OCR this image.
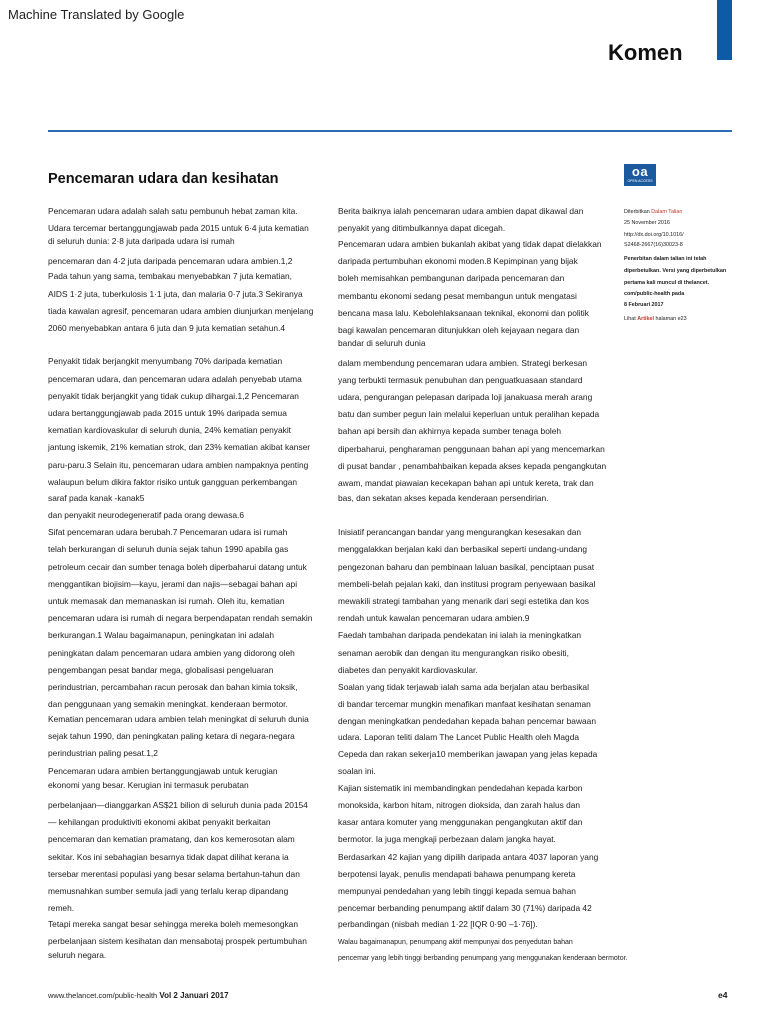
Machine Translated by Google
Komen
Pencemaran udara dan kesihatan	oa
OPEN ACCESS

Pencemaran udara adalah salah satu pembunuh hebat zaman kita.

Udara tercemar bertanggungjawab pada 2015 untuk 6·4 juta kematian

di seluruh dunia: 2·8 juta daripada udara isi rumah

pencemaran dan 4·2 juta daripada pencemaran udara ambien.1,2

Pada tahun yang sama, tembakau menyebabkan 7 juta kematian,

AIDS 1·2 juta, tuberkulosis 1·1 juta, dan malaria 0·7 juta.3 Sekiranya

tiada kawalan agresif, pencemaran udara ambien diunjurkan menjelang

2060 menyebabkan antara 6 juta dan 9 juta kematian setahun.4

Penyakit tidak berjangkit menyumbang 70% daripada kematian

pencemaran udara, dan pencemaran udara adalah penyebab utama

penyakit tidak berjangkit yang tidak cukup dihargai.1,2 Pencemaran

udara bertanggungjawab pada 2015 untuk 19% daripada semua

kematian kardiovaskular di seluruh dunia, 24% kematian penyakit

jantung iskemik, 21% kematian strok, dan 23% kematian akibat kanser

paru-paru.3 Selain itu, pencemaran udara ambien nampaknya penting

walaupun belum dikira faktor risiko untuk gangguan perkembangan

saraf pada kanak -kanak5

dan penyakit neurodegeneratif pada orang dewasa.6

Sifat pencemaran udara berubah.7 Pencemaran udara isi rumah

telah berkurangan di seluruh dunia sejak tahun 1990 apabila gas

petroleum cecair dan sumber tenaga boleh diperbaharui datang untuk

menggantikan biojisim—kayu, jerami dan najis—sebagai bahan api

untuk memasak dan memanaskan isi rumah. Oleh itu, kematian

pencemaran udara isi rumah di negara berpendapatan rendah semakin

berkurangan.1 Walau bagaimanapun, peningkatan ini adalah

peningkatan dalam pencemaran udara ambien yang didorong oleh

pengembangan pesat bandar mega, globalisasi pengeluaran

perindustrian, percambahan racun perosak dan bahan kimia toksik,

dan penggunaan yang semakin meningkat. kenderaan bermotor.

Kematian pencemaran udara ambien telah meningkat di seluruh dunia

sejak tahun 1990, dan peningkatan paling ketara di negara-negara

perindustrian paling pesat.1,2

Pencemaran udara ambien bertanggungjawab untuk kerugian

ekonomi yang besar. Kerugian ini termasuk perubatan

perbelanjaan—dianggarkan AS$21 bilion di seluruh dunia pada 20154

— kehilangan produktiviti ekonomi akibat penyakit berkaitan

pencemaran dan kematian pramatang, dan kos kemerosotan alam

sekitar. Kos ini sebahagian besarnya tidak dapat dilihat kerana ia

tersebar merentasi populasi yang besar selama bertahun-tahun dan

memusnahkan sumber semula jadi yang terlalu kerap dipandang

remeh.

Tetapi mereka sangat besar sehingga mereka boleh memesongkan

perbelanjaan sistem kesihatan dan mensabotaj prospek pertumbuhan

seluruh negara.

Berita baiknya ialah pencemaran udara ambien dapat dikawal dan

penyakit yang ditimbulkannya dapat dicegah.

Pencemaran udara ambien bukanlah akibat yang tidak dapat dielakkan

daripada pertumbuhan ekonomi moden.8 Kepimpinan yang bijak

boleh memisahkan pembangunan daripada pencemaran dan

membantu ekonomi sedang pesat membangun untuk mengatasi

bencana masa lalu. Kebolehlaksanaan teknikal, ekonomi dan politik

bagi kawalan pencemaran ditunjukkan oleh kejayaan negara dan

bandar di seluruh dunia

dalam membendung pencemaran udara ambien. Strategi berkesan

yang terbukti termasuk penubuhan dan penguatkuasaan standard

udara, pengurangan pelepasan daripada loji janakuasa merah arang

batu dan sumber pegun lain melalui keperluan untuk peralihan kepada

bahan api bersih dan akhirnya kepada sumber tenaga boleh

diperbaharui, pengharaman penggunaan bahan api yang mencemarkan

di pusat bandar , penambahbaikan kepada akses kepada pengangkutan

awam, mandat piawaian kecekapan bahan api untuk kereta, trak dan

bas, dan sekatan akses kepada kenderaan persendirian.

Inisiatif perancangan bandar yang mengurangkan kesesakan dan

menggalakkan berjalan kaki dan berbasikal seperti undang-undang

pengezonan baharu dan pembinaan laluan basikal, penciptaan pusat

membeli-belah pejalan kaki, dan institusi program penyewaan basikal

mewakili strategi tambahan yang menarik dari segi estetika dan kos

rendah untuk kawalan pencemaran udara ambien.9

Faedah tambahan daripada pendekatan ini ialah ia meningkatkan

senaman aerobik dan dengan itu mengurangkan risiko obesiti,

diabetes dan penyakit kardiovaskular.

Soalan yang tidak terjawab ialah sama ada berjalan atau berbasikal

di bandar tercemar mungkin menafikan manfaat kesihatan senaman

dengan meningkatkan pendedahan kepada bahan pencemar bawaan

udara. Laporan teliti dalam The Lancet Public Health oleh Magda

Cepeda dan rakan sekerja10 memberikan jawapan yang jelas kepada

soalan ini.

Kajian sistematik ini membandingkan pendedahan kepada karbon

monoksida, karbon hitam, nitrogen dioksida, dan zarah halus dan

kasar antara komuter yang menggunakan pengangkutan aktif dan

bermotor. Ia juga mengkaji perbezaan dalam jangka hayat.

Berdasarkan 42 kajian yang dipilih daripada antara 4037 laporan yang

berpotensi layak, penulis mendapati bahawa penumpang kereta

mempunyai pendedahan yang lebih tinggi kepada semua bahan

pencemar berbanding penumpang aktif dalam 30 (71%) daripada 42

perbandingan (nisbah median 1·22 [IQR 0·90 –1·76]).

Walau bagaimanapun, penumpang aktif mempunyai dos penyedutan bahan

pencemar yang lebih tinggi berbanding penumpang yang menggunakan kenderaan bermotor.

Diterbitkan Dalam Talian

25 November 2016

http://dx.doi.org/10.1016/

S2468-2667(16)30023-8

Penerbitan dalam talian ini telah

diperbetulkan. Versi yang diperbetulkan

pertama kali muncul di thelancet.

com/public-health pada

8 Februari 2017

Lihat Artikel halaman e23

www.thelancet.com/public-health Vol 2 Januari 2017	e4
